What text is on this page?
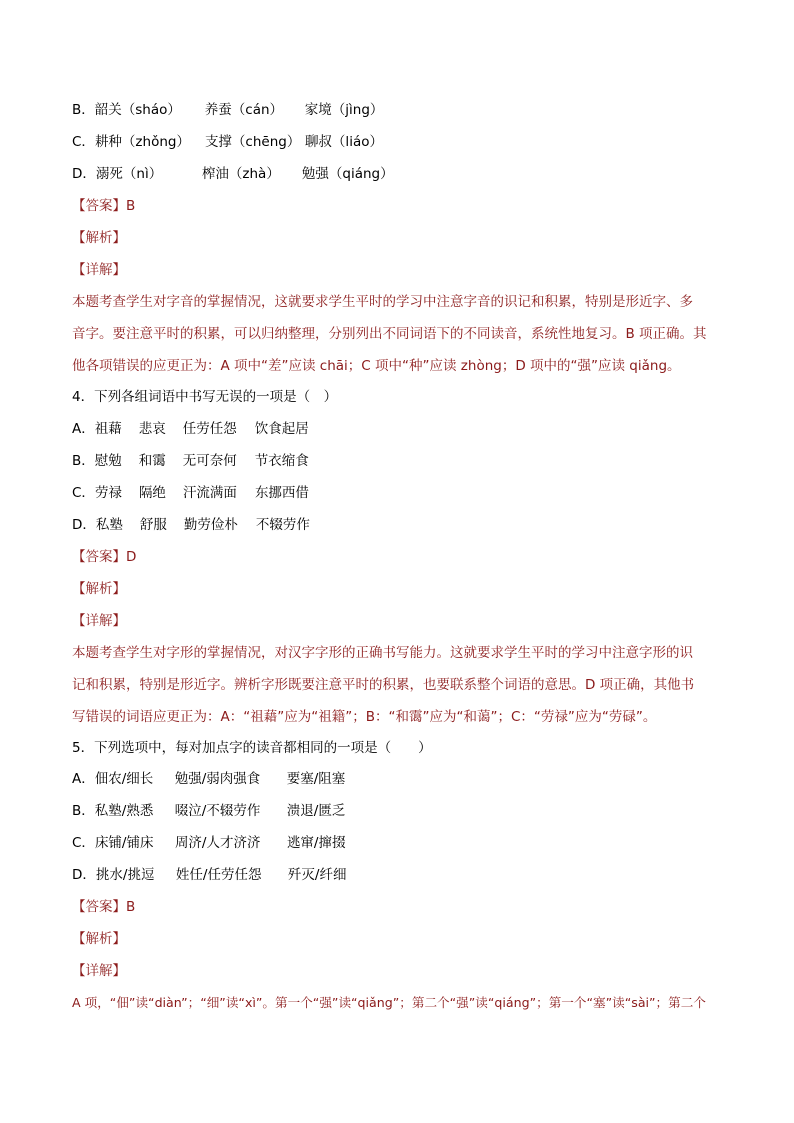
B．韶关（sháo） 养蚕（cán） 家境（jìng）
C．耕种（zhǒng） 支撑（chēng） 聊叔（liáo）
D．溺死（nì）	榨油（zhà） 勉强（qiáng）
【答案】B
【解析】
【详解】
本题考查学生对字音的掌握情况，这就要求学生平时的学习中注意字音的识记和积累，特别是形近字、多
音字。要注意平时的积累，可以归纳整理，分别列出不同词语下的不同读音，系统性地复习。B 项正确。其
他各项错误的应更正为：A 项中“差”应读 chāi；C 项中“种”应读 zhòng；D 项中的“强”应读 qiǎng。
4．下列各组词语中书写无误的一项是（　）
A．祖藉 悲哀 任劳任怨 饮食起居
B．慰勉 和霭 无可奈何 节衣缩食
C．劳禄 隔绝 汗流满面 东挪西借
D．私塾 舒服 勤劳俭朴 不辍劳作
【答案】D
【解析】
【详解】
本题考查学生对字形的掌握情况，对汉字字形的正确书写能力。这就要求学生平时的学习中注意字形的识
记和积累，特别是形近字。辨析字形既要注意平时的积累，也要联系整个词语的意思。D 项正确，其他书
写错误的词语应更正为：A：“祖藉”应为“祖籍”；B：“和霭”应为“和蔼”；C：“劳禄”应为“劳碌”。
5．下列选项中，每对加点字的读音都相同的一项是（　　）
A．佃农/细长 勉强/弱肉强食 要塞/阻塞
B．私塾/熟悉 啜泣/不辍劳作 溃退/匮乏
C．床铺/铺床 周济/人才济济 逃窜/撺掇
D．挑水/挑逗 姓任/任劳任怨 歼灭/纤细
【答案】B
【解析】
【详解】
A 项，“佃”读“diàn”；“细”读“xì”。第一个“强”读“qiǎng”；第二个“强”读“qiáng”；第一个“塞”读“sài”；第二个
